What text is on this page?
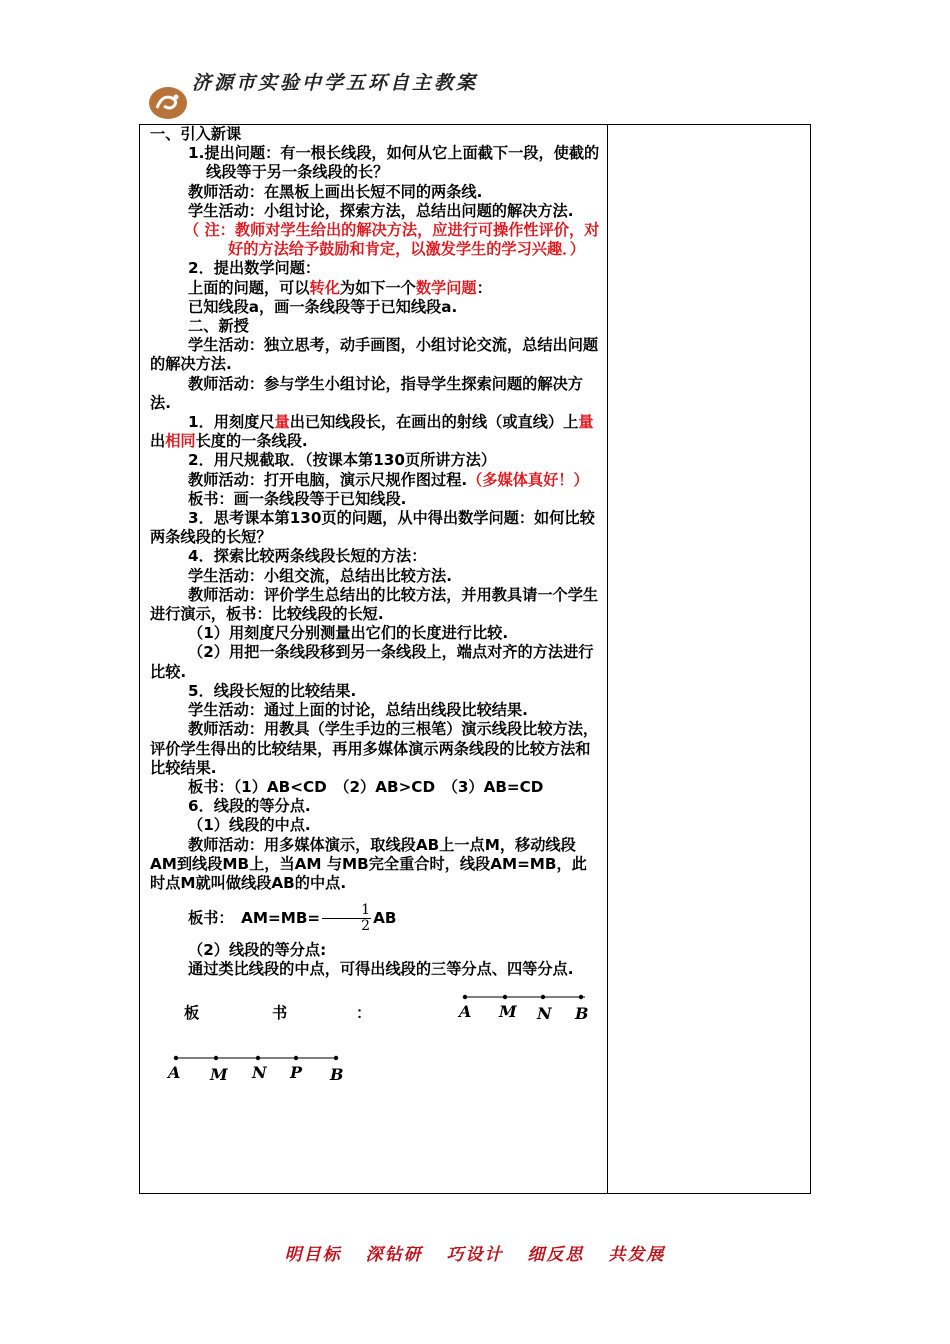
济源市实验中学五环自主教案

一、引入新课

1.提出问题：有一根长线段，如何从它上面截下一段，使截的线段等于另一条线段的长？

教师活动：在黑板上画出长短不同的两条线.

学生活动：小组讨论，探索方法，总结出问题的解决方法.

（ 注：教师对学生给出的解决方法，应进行可操作性评价，对好的方法给予鼓励和肯定，以激发学生的学习兴趣．）

2．提出数学问题：

上面的问题，可以转化为如下一个数学问题：

已知线段a，画一条线段等于已知线段a.

二、新授

学生活动：独立思考，动手画图，小组讨论交流，总结出问题的解决方法.

教师活动：参与学生小组讨论，指导学生探索问题的解决方法.

1．用刻度尺量出已知线段长，在画出的射线（或直线）上量出相同长度的一条线段.

2．用尺规截取．（按课本第130页所讲方法）

教师活动：打开电脑，演示尺规作图过程.（多媒体真好！）

板书：画一条线段等于已知线段.

3．思考课本第130页的问题，从中得出数学问题：如何比较两条线段的长短？

4．探索比较两条线段长短的方法：

学生活动：小组交流，总结出比较方法.

教师活动：评价学生总结出的比较方法，并用教具请一个学生进行演示，板书：比较线段的长短.

（1）用刻度尺分别测量出它们的长度进行比较.

（2）用把一条线段移到另一条线段上，端点对齐的方法进行比较.

5．线段长短的比较结果.

学生活动：通过上面的讨论，总结出线段比较结果.

教师活动：用教具（学生手边的三根笔）演示线段比较方法，评价学生得出的比较结果，再用多媒体演示两条线段的比较方法和比较结果.

板书：（1）AB<CD　（2）AB>CD　（3）AB=CD

6．线段的等分点.

（1）线段的中点.

教师活动：用多媒体演示，取线段AB上一点M，移动线段AM到线段MB上，当AM 与MB完全重合时，线段AM=MB，此时点M就叫做线段AB的中点.

板书：　$AM=MB= \frac{1}{2}$ AB

（2）线段的等分点:

通过类比线段的中点，可得出线段的三等分点、四等分点.

板	书	：	A M N B
A M N P B

明目标 深钻研 巧设计 细反思 共发展
